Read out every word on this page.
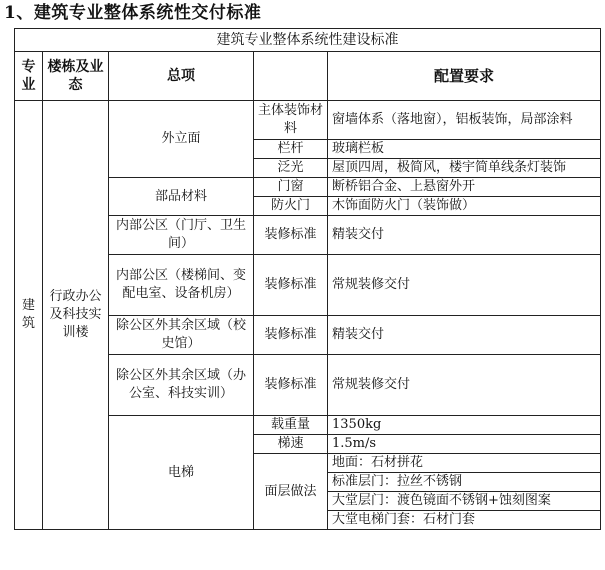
1、建筑专业整体系统性交付标准
建筑专业整体系统性建设标准				
专业	楼栋及业态	总项		配置要求
建筑	行政办公及科技实训楼	外立面	主体装饰材料	窗墙体系（落地窗），铝板装饰，局部涂料
			栏杆	玻璃栏板
			泛光	屋顶四周，极简风，楼宇简单线条灯装饰
		部品材料	门窗	断桥铝合金、上悬窗外开
			防火门	木饰面防火门（装饰做）
		内部公区（门厅、卫生间）	装修标准	精装交付
		内部公区（楼梯间、变配电室、设备机房）	装修标准	常规装修交付
		除公区外其余区域（校史馆）	装修标准	精装交付
		除公区外其余区域（办公室、科技实训）	装修标准	常规装修交付
		电梯	载重量	1350kg
			梯速	1.5m/s
			面层做法	地面：石材拼花
				标准层门：拉丝不锈钢
				大堂层门：渡色镜面不锈钢+蚀刻图案
				大堂电梯门套：石材门套
